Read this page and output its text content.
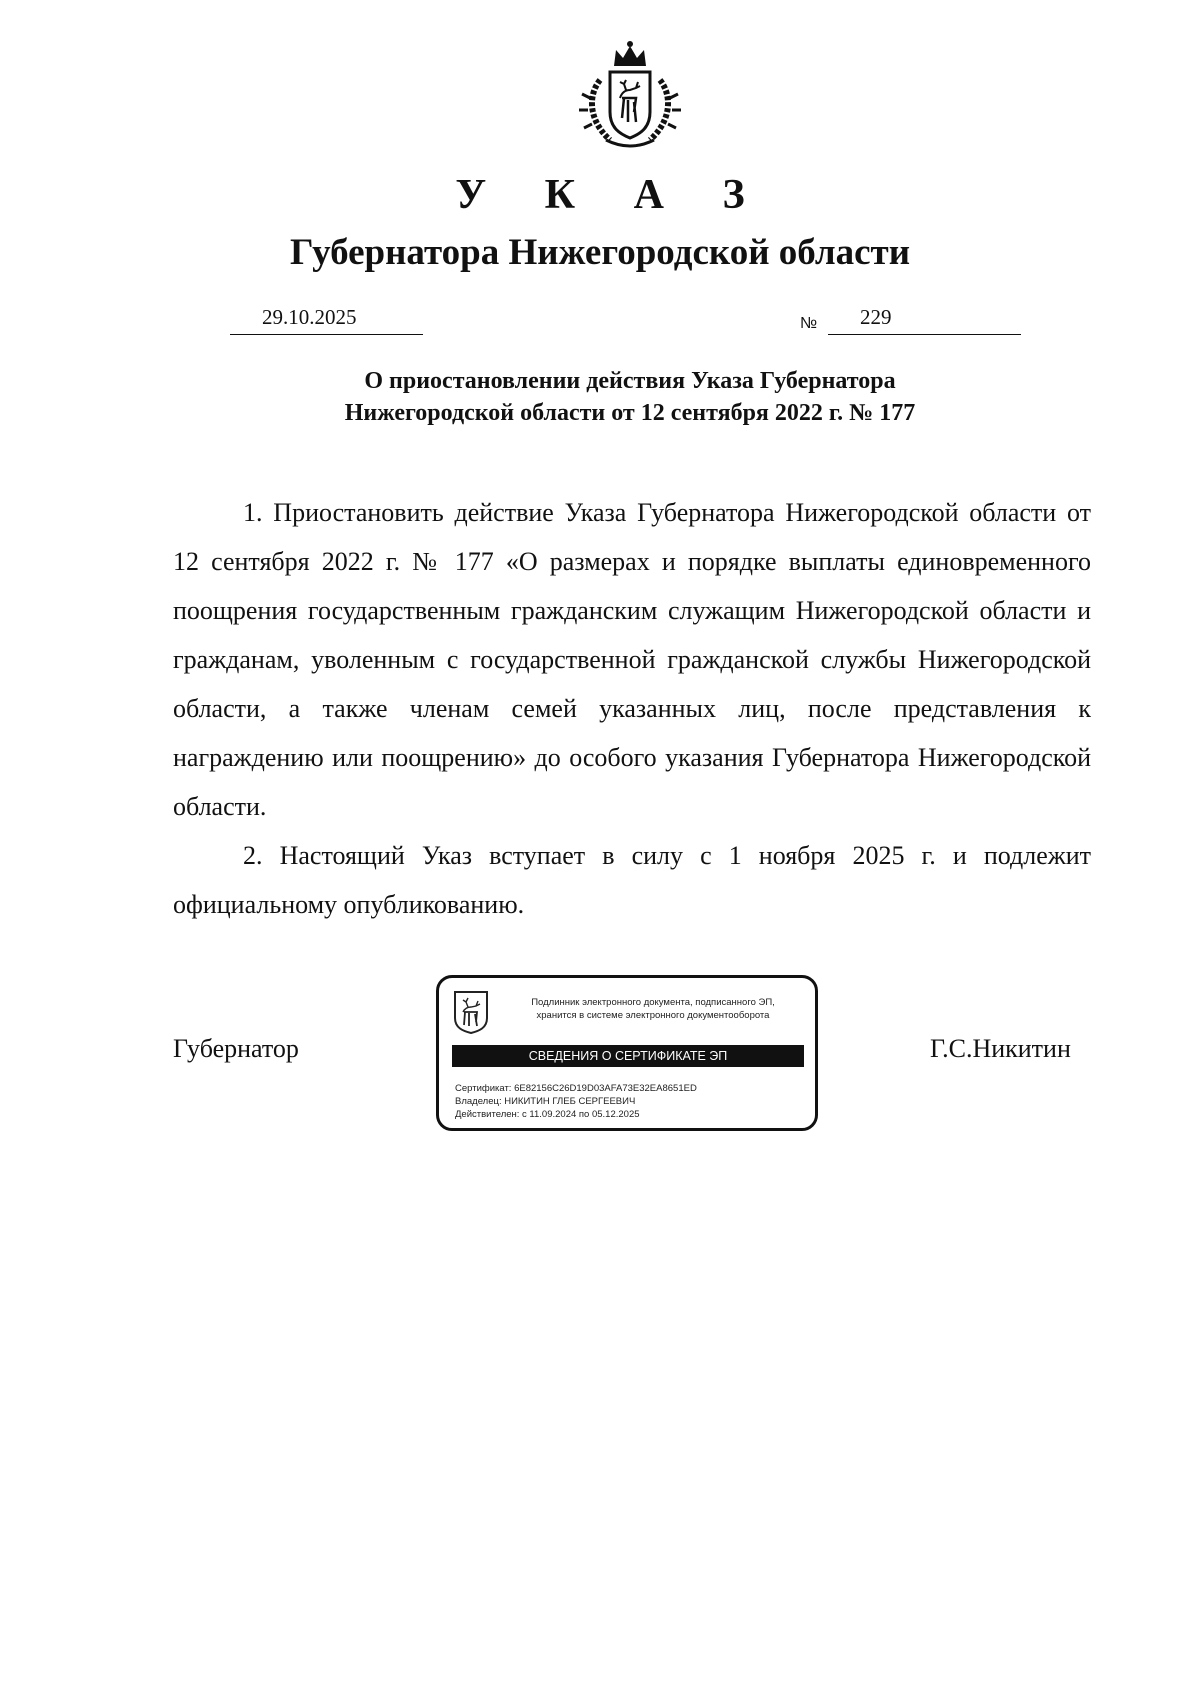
У К А З
Губернатора Нижегородской области
29.10.2025	№	229
О приостановлении действия Указа Губернатора
Нижегородской области от 12 сентября 2022 г. № 177

1. Приостановить действие Указа Губернатора Нижегородской области от 12 сентября 2022 г. № 177 «О размерах и порядке выплаты единовременного поощрения государственным гражданским служащим Нижегородской области и гражданам, уволенным с государственной гражданской службы Нижегородской области, а также членам семей указанных лиц, после представления к награждению или поощрению» до особого указания Губернатора Нижегородской области.

2. Настоящий Указ вступает в силу с 1 ноября 2025 г. и подлежит официальному опубликованию.

Губернатор
Подлинник электронного документа, подписанного ЭП,
хранится в системе электронного документооборота
СВЕДЕНИЯ О СЕРТИФИКАТЕ ЭП
Сертификат: 6E82156C26D19D03AFA73E32EA8651ED
Владелец: НИКИТИН ГЛЕБ СЕРГЕЕВИЧ
Действителен: с 11.09.2024 по 05.12.2025
Г.С.Никитин
